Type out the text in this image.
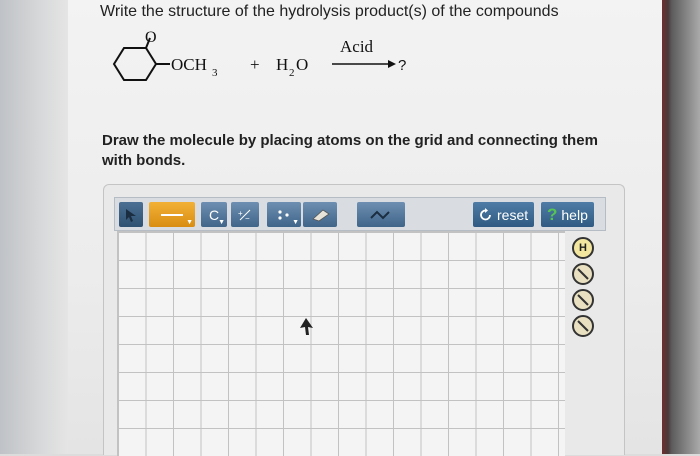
Write the structure of the hydrolysis product(s) of the compounds
O
OCH 3 + H 2 O
Acid
?
Draw the molecule by placing atoms on the grid and connecting them with bonds.
▼ C ▼
+
−	▼	reset ? help
H
